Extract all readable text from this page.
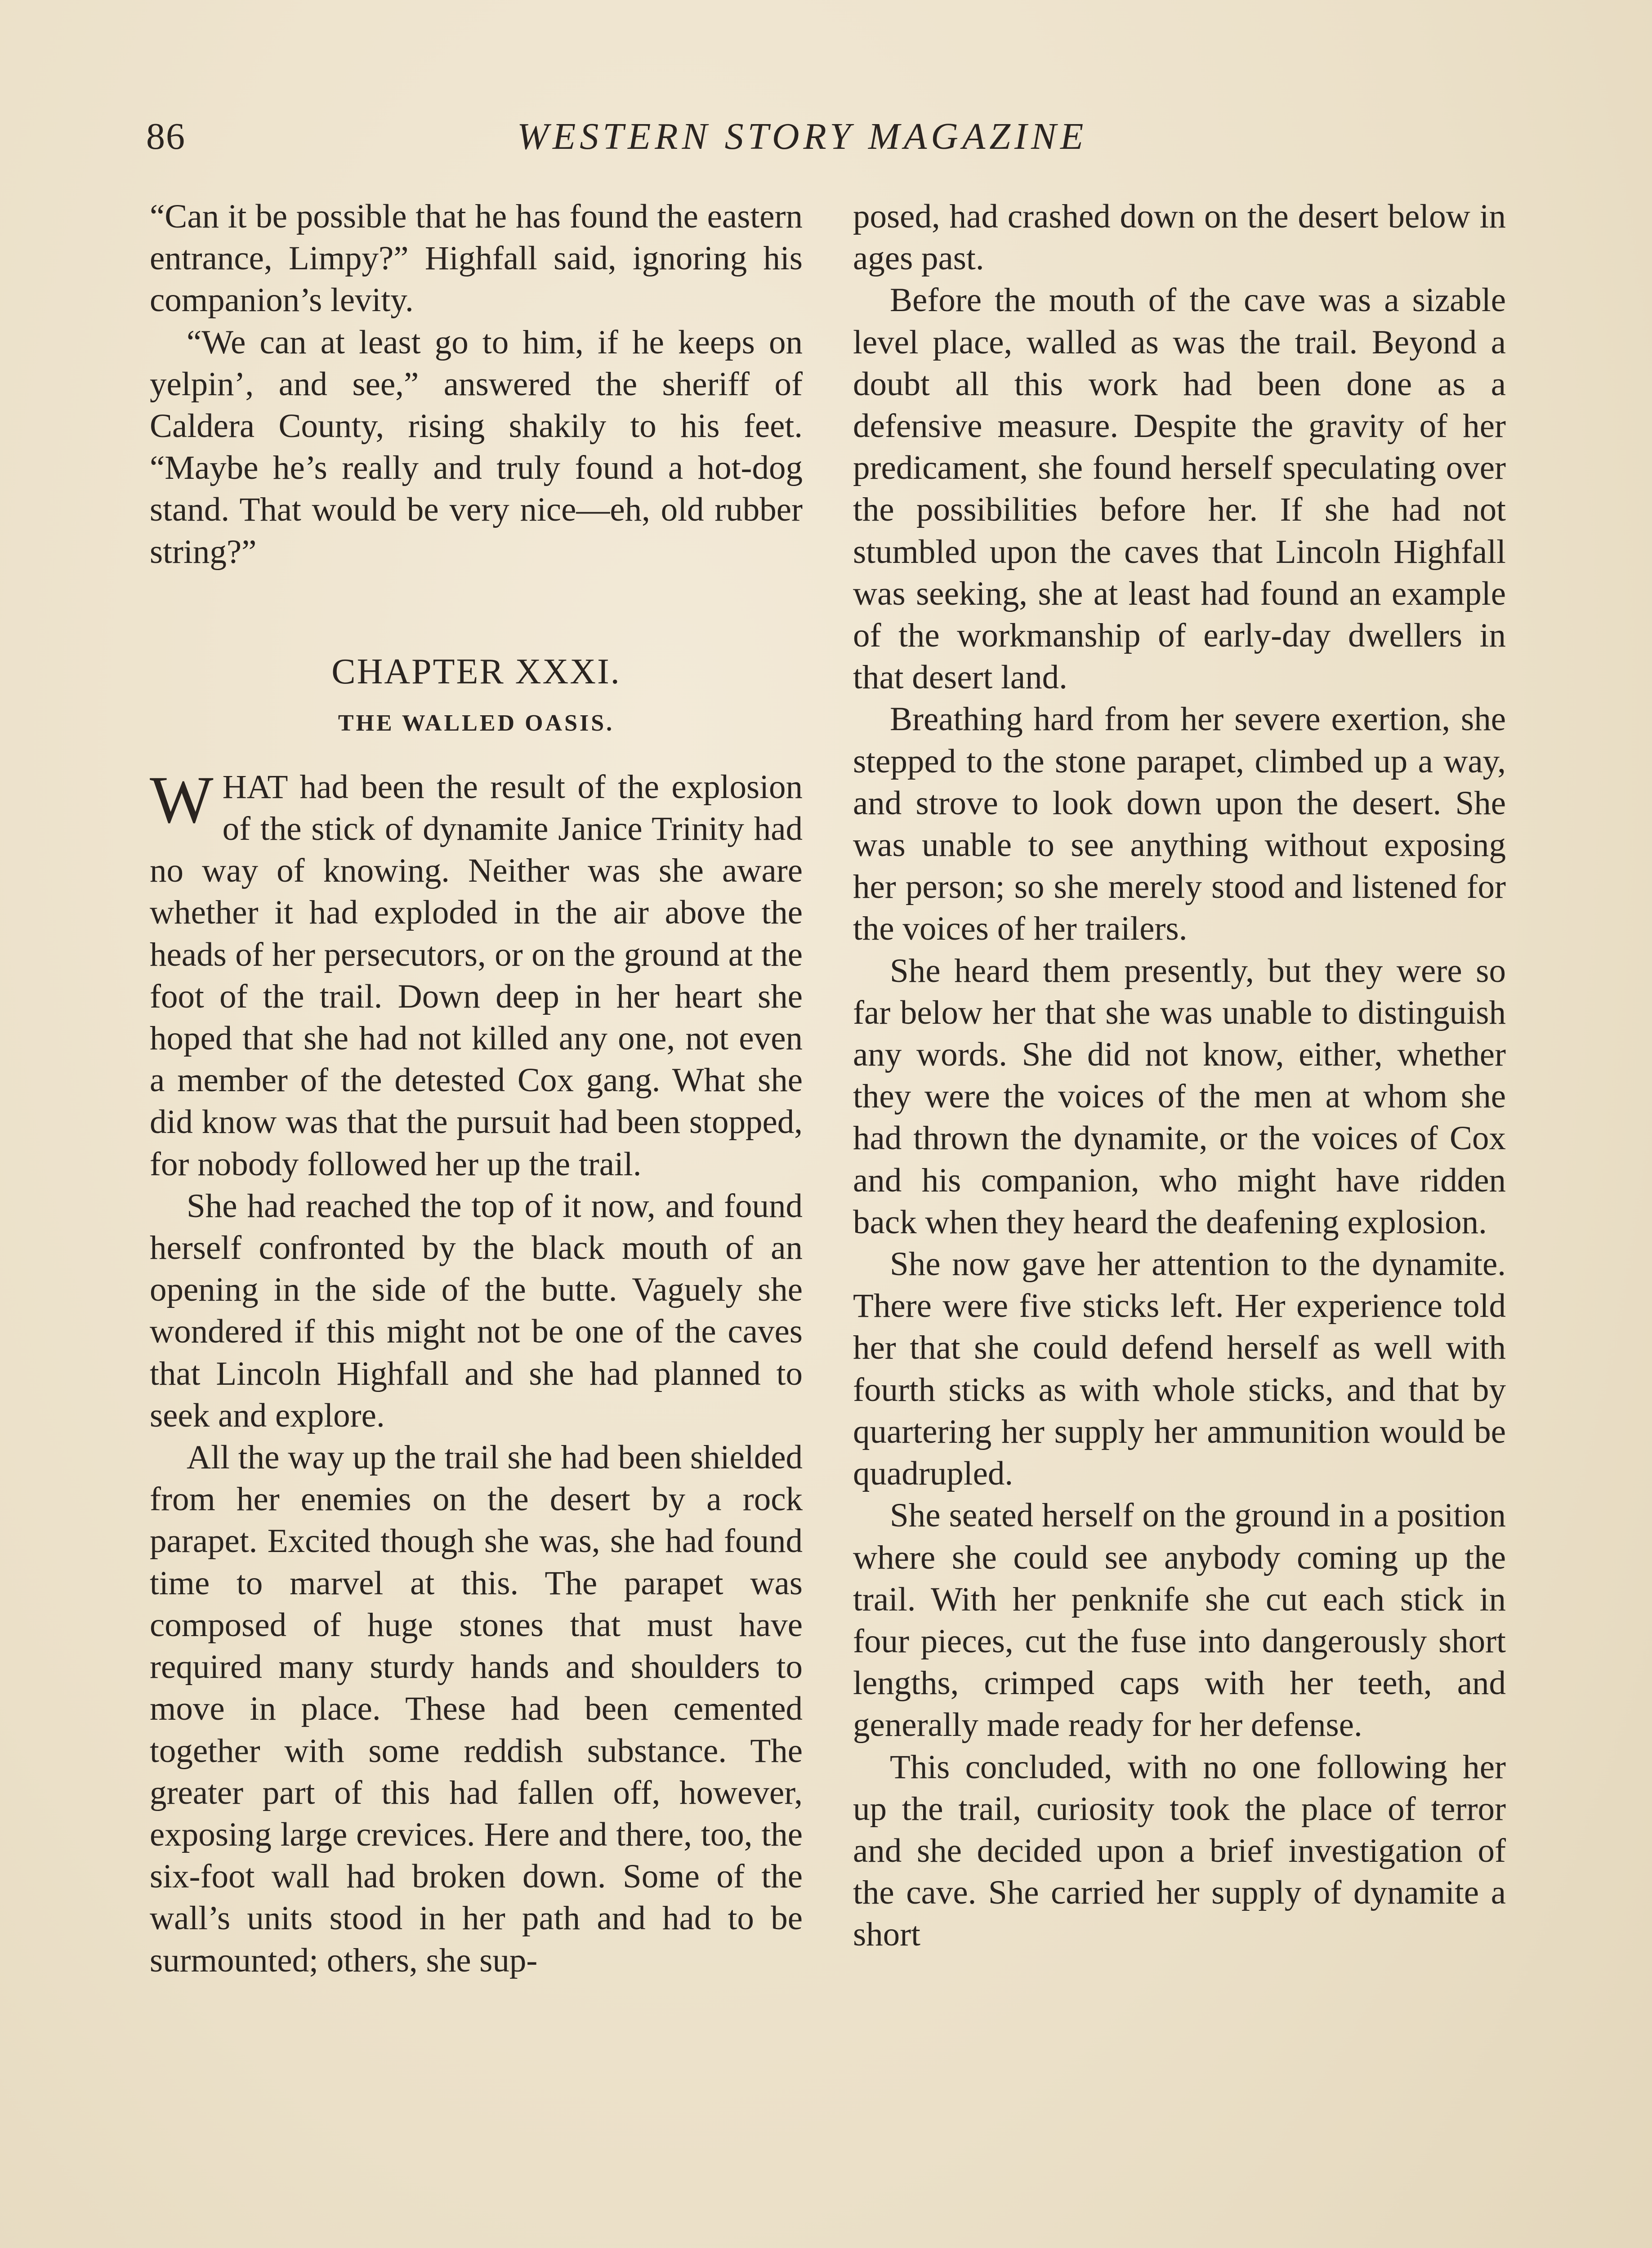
86	WESTERN STORY MAGAZINE

“Can it be possible that he has found the eastern entrance, Limpy?” Highfall said, ignoring his companion’s levity.

“We can at least go to him, if he keeps on yelpin’, and see,” answered the sheriff of Caldera County, rising shakily to his feet. “Maybe he’s really and truly found a hot-dog stand. That would be very nice—eh, old rubber string?”

CHAPTER XXXI.
THE WALLED OASIS.

WHAT had been the result of the explosion of the stick of dynamite Janice Trinity had no way of knowing. Neither was she aware whether it had exploded in the air above the heads of her persecutors, or on the ground at the foot of the trail. Down deep in her heart she hoped that she had not killed any one, not even a member of the detested Cox gang. What she did know was that the pursuit had been stopped, for nobody followed her up the trail.

She had reached the top of it now, and found herself confronted by the black mouth of an opening in the side of the butte. Vaguely she wondered if this might not be one of the caves that Lincoln Highfall and she had planned to seek and explore.

All the way up the trail she had been shielded from her enemies on the desert by a rock parapet. Excited though she was, she had found time to marvel at this. The parapet was composed of huge stones that must have required many sturdy hands and shoulders to move in place. These had been cemented together with some reddish substance. The greater part of this had fallen off, however, exposing large crevices. Here and there, too, the six-foot wall had broken down. Some of the wall’s units stood in her path and had to be surmounted; others, she sup-

posed, had crashed down on the desert below in ages past.

Before the mouth of the cave was a sizable level place, walled as was the trail. Beyond a doubt all this work had been done as a defensive measure. Despite the gravity of her predicament, she found herself speculating over the possibilities before her. If she had not stumbled upon the caves that Lincoln Highfall was seeking, she at least had found an example of the workmanship of early-day dwellers in that desert land.

Breathing hard from her severe exertion, she stepped to the stone parapet, climbed up a way, and strove to look down upon the desert. She was unable to see anything without exposing her person; so she merely stood and listened for the voices of her trailers.

She heard them presently, but they were so far below her that she was unable to distinguish any words. She did not know, either, whether they were the voices of the men at whom she had thrown the dynamite, or the voices of Cox and his companion, who might have ridden back when they heard the deafening explosion.

She now gave her attention to the dynamite. There were five sticks left. Her experience told her that she could defend herself as well with fourth sticks as with whole sticks, and that by quartering her supply her ammunition would be quadrupled.

She seated herself on the ground in a position where she could see anybody coming up the trail. With her penknife she cut each stick in four pieces, cut the fuse into dangerously short lengths, crimped caps with her teeth, and generally made ready for her defense.

This concluded, with no one following her up the trail, curiosity took the place of terror and she decided upon a brief investigation of the cave. She carried her supply of dynamite a short
